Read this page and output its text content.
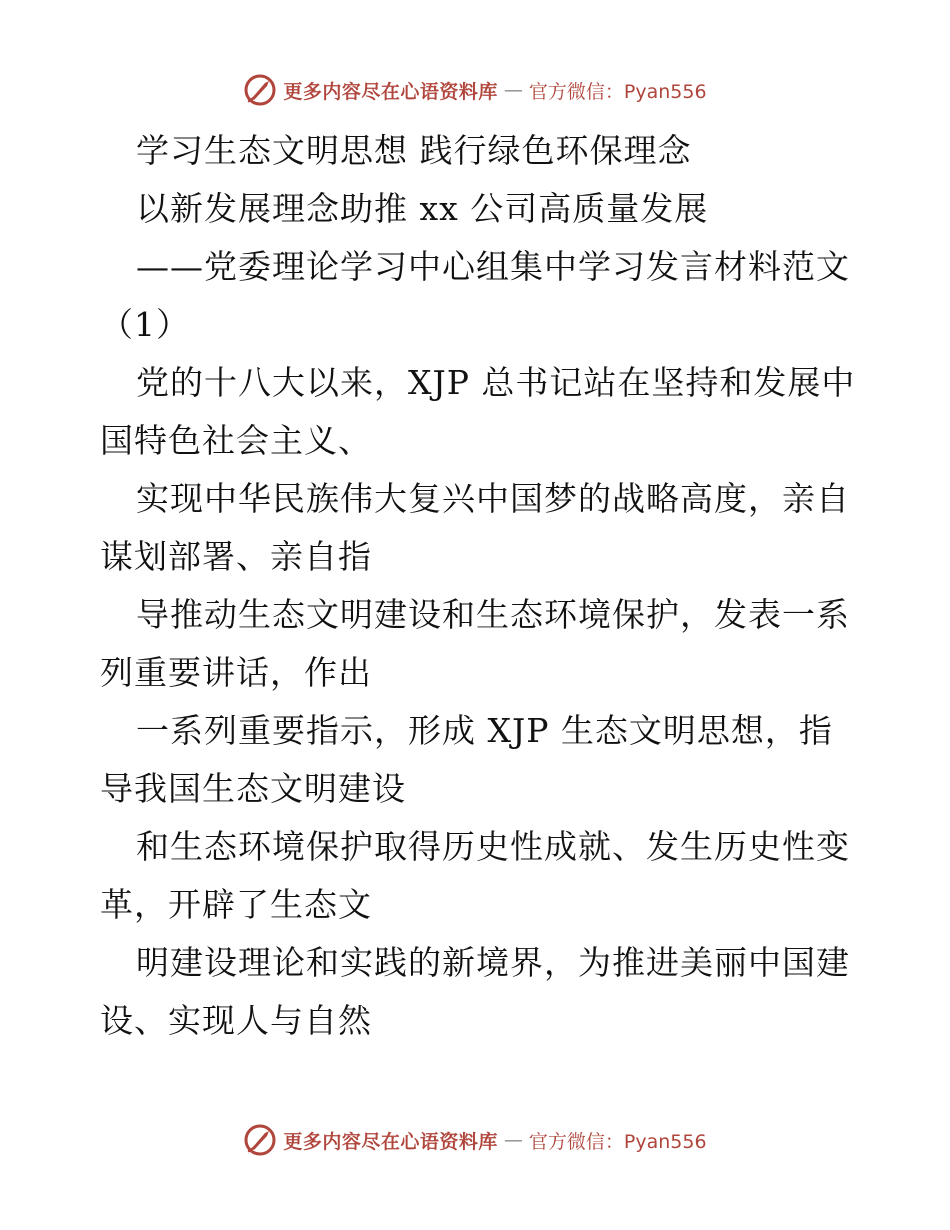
更多内容尽在心语资料库 — 官方微信：Pyan556
学习生态文明思想 践行绿色环保理念
以新发展理念助推 xx 公司高质量发展
——党委理论学习中心组集中学习发言材料范文
（1）
党的十八大以来，XJP 总书记站在坚持和发展中
国特色社会主义、
实现中华民族伟大复兴中国梦的战略高度，亲自
谋划部署、亲自指
导推动生态文明建设和生态环境保护，发表一系
列重要讲话，作出
一系列重要指示，形成 XJP 生态文明思想，指
导我国生态文明建设
和生态环境保护取得历史性成就、发生历史性变
革，开辟了生态文
明建设理论和实践的新境界，为推进美丽中国建
设、实现人与自然
更多内容尽在心语资料库 — 官方微信：Pyan556
